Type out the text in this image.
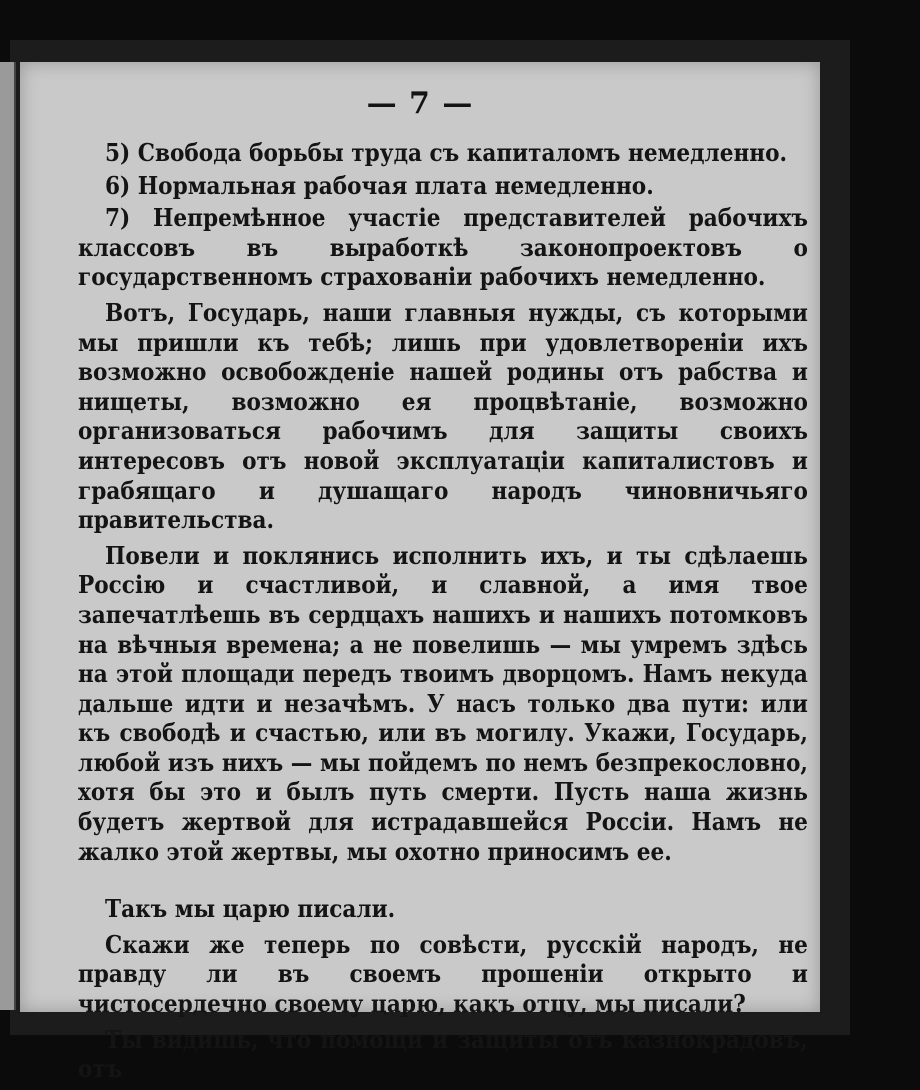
— 7 —

5) Свобода борьбы труда съ капиталомъ немедленно.

6) Нормальная рабочая плата немедленно.

7) Непремѣнное участіе представителей рабочихъ классовъ въ выработкѣ законопроектовъ о государственномъ страхованіи рабочихъ немедленно.

Вотъ, Государь, наши главныя нужды, съ которыми мы пришли къ тебѣ; лишь при удовлетвореніи ихъ возможно освобожденіе нашей родины отъ рабства и нищеты, возможно ея процвѣтаніе, возможно организоваться рабочимъ для защиты своихъ интересовъ отъ новой эксплуатаціи капиталистовъ и грабящаго и душащаго народъ чиновничьяго правительства.

Повели и поклянись исполнить ихъ, и ты сдѣлаешь Россію и счастливой, и славной, а имя твое запечатлѣешь въ сердцахъ нашихъ и нашихъ потомковъ на вѣчныя времена; а не повелишь — мы умремъ здѣсь на этой площади передъ твоимъ дворцомъ. Намъ некуда дальше идти и незачѣмъ. У насъ только два пути: или къ свободѣ и счастью, или въ могилу. Укажи, Государь, любой изъ нихъ — мы пойдемъ по немъ безпрекословно, хотя бы это и былъ путь смерти. Пусть наша жизнь будетъ жертвой для истрадавшейся Россіи. Намъ не жалко этой жертвы, мы охотно приносимъ ее.

Такъ мы царю писали.

Скажи же теперь по совѣсти, русскій народъ, не правду ли въ своемъ прошеніи открыто и чистосердечно своему царю, какъ отцу, мы писали?

Ты видишь, что помощи и защиты отъ казнокрадовъ, отъ
